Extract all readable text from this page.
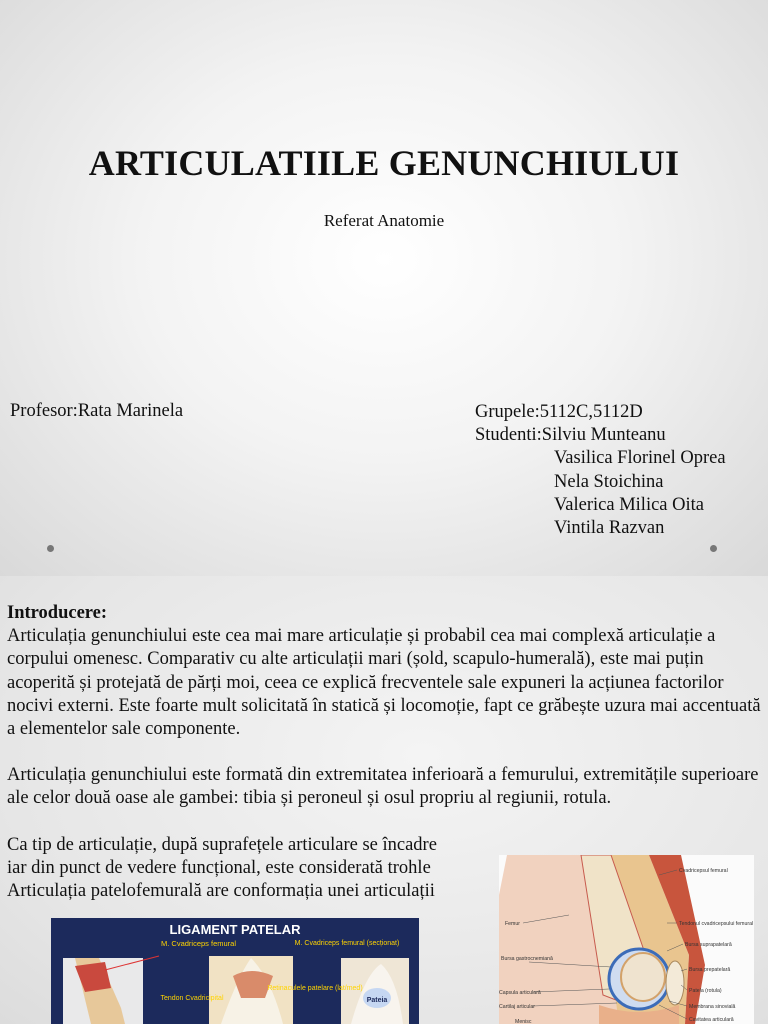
ARTICULATIILE GENUNCHIULUI
Referat Anatomie
Profesor:Rata Marinela	Grupele:5112C,5112D
Studenti:Silviu Munteanu
Vasilica Florinel Oprea
Nela Stoichina
Valerica Milica Oita
Vintila Razvan

Introducere:
Articulația genunchiului este cea mai mare articulație și probabil cea mai complexă articulație a corpului omenesc. Comparativ cu alte articulații mari (șold, scapulo-humerală), este mai puțin acoperită și protejată de părți moi, ceea ce explică frecventele sale expuneri la acțiunea factorilor nocivi externi. Este foarte mult solicitată în statică și locomoție, fapt ce grăbește uzura mai accentuată a elementelor sale componente.

Articulația genunchiului este formată din extremitatea inferioară a femurului, extremitățile superioare ale celor două oase ale gambei: tibia și peroneul și osul propriu al regiunii, rotula.

Ca tip de articulație, după suprafețele articulare se încadre
iar din punct de vedere funcțional, este considerată trohle
Articulația patelofemurală are conformația unei articulații
LIGAMENT PATELAR
M. Cvadriceps femural	M. Cvadriceps femural (secționat)
Tendon Cvadricipital
Retinaculele patelare (lat/med)
Pateia
Cvadricepsul femural
Femur	Tendonul cvadricepsului femural
Bursa suprapatelară
Bursa gastrocnemiană
Bursa prepatelară
Capsula articulară	Patela (rotula)
Cartilaj articular	Membrana sinovială
Menisc	Cavitatea articulară
